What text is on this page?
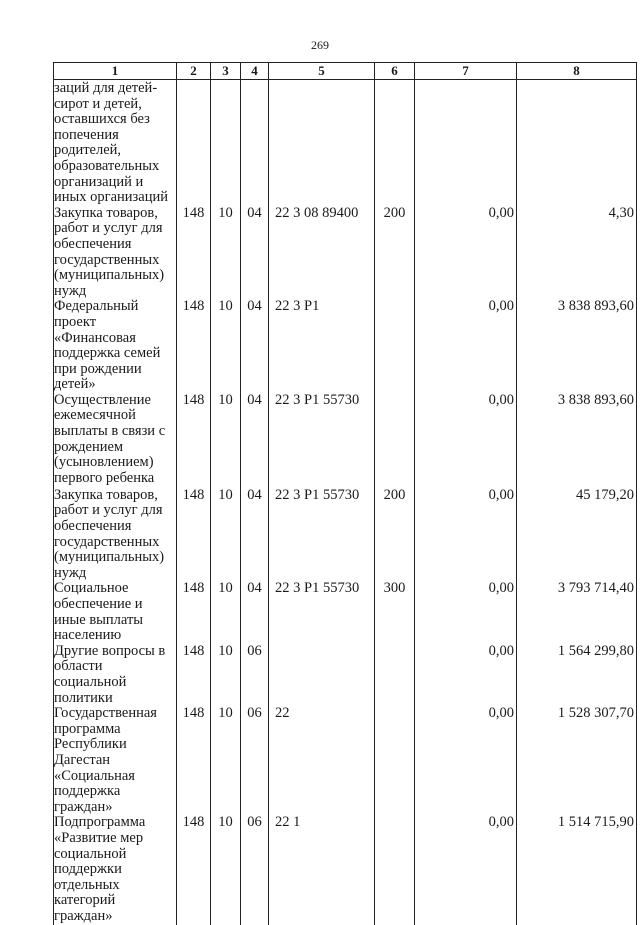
269
1	2	3	4	5	6	7	8
заций для детей-сирот и детей, оставшихся без попечения родителей, образовательных организаций и иных организаций							
Закупка товаров, работ и услуг для обеспечения государственных (муниципальных) нужд	148	10	04	22 3 08 89400	200	0,00	4,30
Федеральный проект «Финансовая поддержка семей при рождении детей»	148	10	04	22 3 P1		0,00	3 838 893,60
Осуществление ежемесячной выплаты в связи с рождением (усыновлением) первого ребенка	148	10	04	22 3 P1 55730		0,00	3 838 893,60
Закупка товаров, работ и услуг для обеспечения государственных (муниципальных) нужд	148	10	04	22 3 P1 55730	200	0,00	45 179,20
Социальное обеспечение и иные выплаты населению	148	10	04	22 3 P1 55730	300	0,00	3 793 714,40
Другие вопросы в области социальной политики	148	10	06			0,00	1 564 299,80
Государственная программа Республики Дагестан «Социальная поддержка граждан»	148	10	06	22		0,00	1 528 307,70
Подпрограмма «Развитие мер социальной поддержки отдельных категорий граждан»	148	10	06	22 1		0,00	1 514 715,90
